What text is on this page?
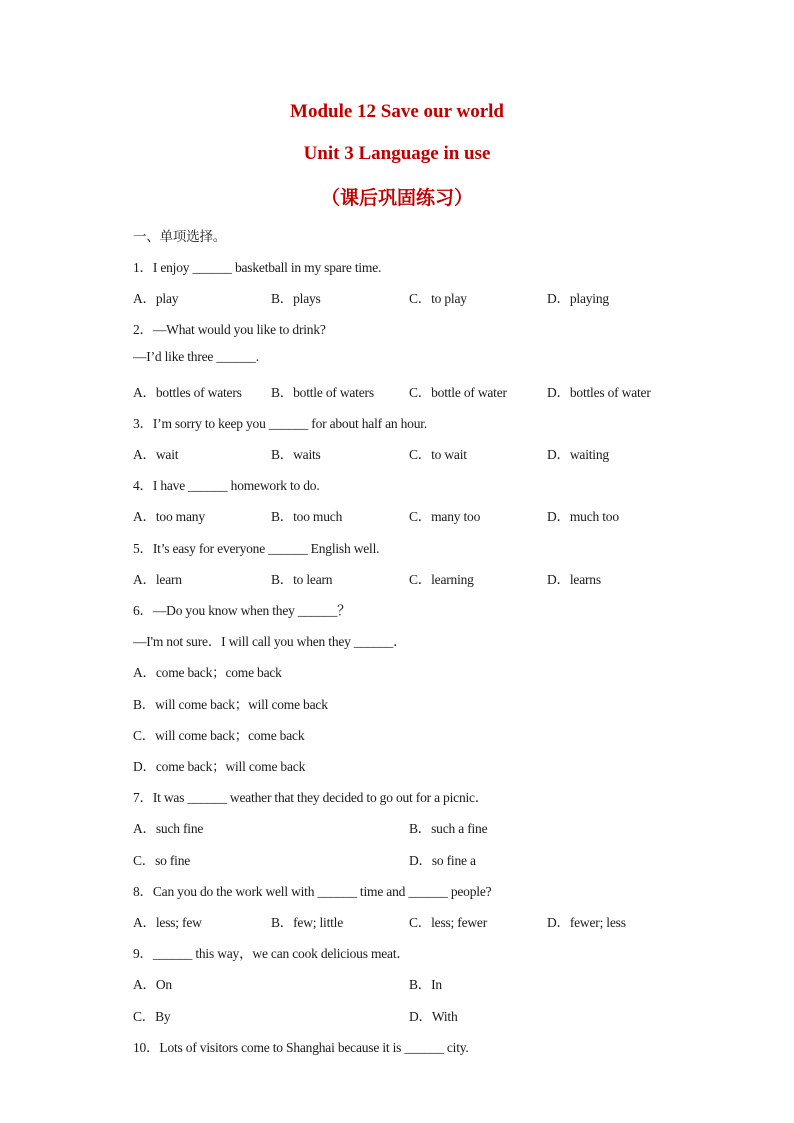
Module 12 Save our world
Unit 3 Language in use
（课后巩固练习）
一、单项选择。
1．I enjoy ______ basketball in my spare time.
A．play	B．plays	C．to play	D．playing
2．—What would you like to drink?
—I’d like three ______.
A．bottles of waters B．bottle of waters	C．bottle of water	D．bottles of water
3．I’m sorry to keep you ______ for about half an hour.
A．wait	B．waits	C．to wait	D．waiting
4．I have ______ homework to do.
A．too many	B．too much	C．many too	D．much too
5．It’s easy for everyone ______ English well.
A．learn	B．to learn	C．learning	D．learns
6．—Do you know when they ______？
—I'm not sure．I will call you when they ______．
A．come back；come back
B．will come back；will come back
C．will come back；come back
D．come back；will come back
7．It was ______ weather that they decided to go out for a picnic．
A．such fine	B．such a fine
C．so fine	D．so fine a
8．Can you do the work well with ______ time and ______ people?
A．less; few	B．few; little	C．less; fewer	D．fewer; less
9．______ this way，we can cook delicious meat．
A．On	B．In
C．By	D．With
10．Lots of visitors come to Shanghai because it is ______ city.
